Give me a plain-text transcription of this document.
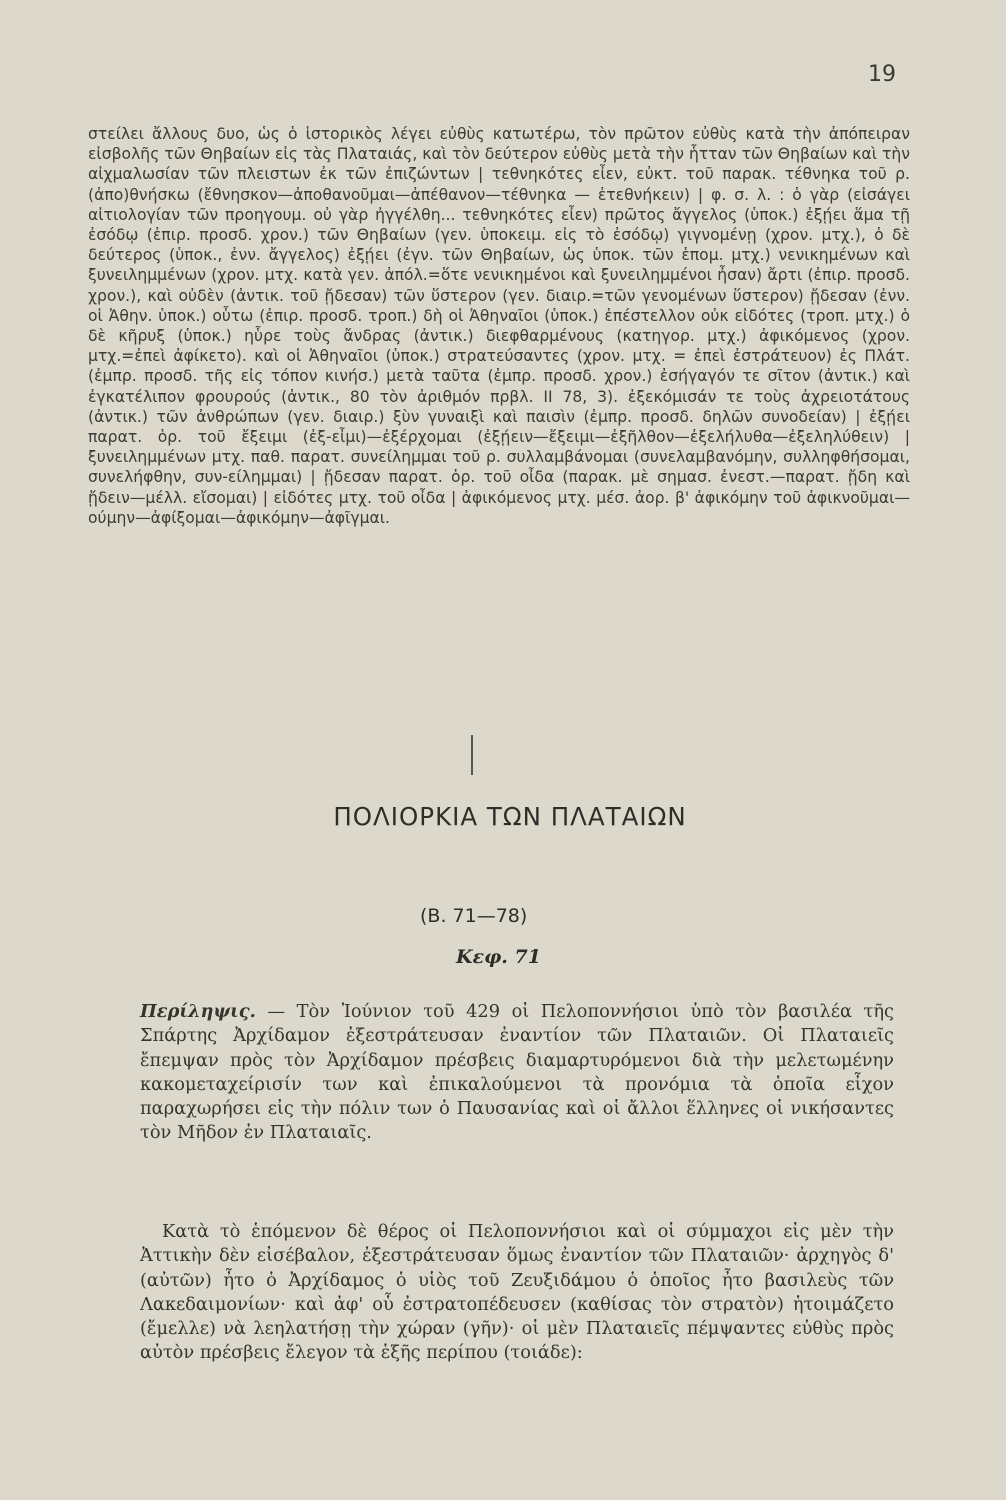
19

στείλει ἄλλους δυο, ὡς ὁ ἱστορικὸς λέγει εὐθὺς κατωτέρω, τὸν πρῶτον εὐθὺς κατὰ τὴν ἀπόπειραν εἰσβολῆς τῶν Θηβαίων εἰς τὰς Πλαταιάς, καὶ τὸν δεύτερον εὐθὺς μετὰ τὴν ἧτταν τῶν Θηβαίων καὶ τὴν αἰχμαλωσίαν τῶν πλειστων ἐκ τῶν ἐπιζώντων | τεθνηκότες εἶεν, εὐκτ. τοῦ παρακ. τέθνηκα τοῦ ρ. (ἀπο)θνήσκω (ἔθνησκον—ἀποθανοῦμαι—ἀπέθανον—τέθνηκα — ἐτεθνήκειν) | φ. σ. λ. : ὁ γὰρ (εἰσάγει αἰτιολογίαν τῶν προηγουμ. οὐ γὰρ ἠγγέλθη... τεθνηκότες εἶεν) πρῶτος ἄγγελος (ὑποκ.) ἐξῄει ἅμα τῇ ἐσόδῳ (ἐπιρ. προσδ. χρον.) τῶν Θηβαίων (γεν. ὑποκειμ. εἰς τὸ ἐσόδῳ) γιγνομένῃ (χρον. μτχ.), ὁ δὲ δεύτερος (ὑποκ., ἐνν. ἄγγελος) ἐξῄει (ἐγν. τῶν Θηβαίων, ὡς ὑποκ. τῶν ἑπομ. μτχ.) νενικημένων καὶ ξυνειλημμένων (χρον. μτχ. κατὰ γεν. ἀπόλ.=ὅτε νενικημένοι καὶ ξυνειλημμένοι ἦσαν) ἄρτι (ἐπιρ. προσδ. χρον.), καὶ οὐδὲν (ἀντικ. τοῦ ᾔδεσαν) τῶν ὕστερον (γεν. διαιρ.=τῶν γενομένων ὕστερον) ᾔδεσαν (ἐνν. οἱ Ἀθην. ὑποκ.) οὗτω (ἐπιρ. προσδ. τροπ.) δὴ οἱ Ἀθηναῖοι (ὑποκ.) ἐπέστελλον οὐκ εἰδότες (τροπ. μτχ.) ὁ δὲ κῆρυξ (ὑποκ.) ηὗρε τοὺς ἄνδρας (ἀντικ.) διεφθαρμένους (κατηγορ. μτχ.) ἀφικόμενος (χρον. μτχ.=ἐπεὶ ἀφίκετο). καὶ οἱ Ἀθηναῖοι (ὑποκ.) στρατεύσαντες (χρον. μτχ. = ἐπεὶ ἐστράτευον) ἐς Πλάτ. (ἐμπρ. προσδ. τῆς εἰς τόπον κινήσ.) μετὰ ταῦτα (ἐμπρ. προσδ. χρον.) ἐσήγαγόν τε σῖτον (ἀντικ.) καὶ ἐγκατέλιπον φρουρούς (ἀντικ., 80 τὸν ἀριθμόν πρβλ. II 78, 3). ἐξεκόμισάν τε τοὺς ἀχρειοτάτους (ἀντικ.) τῶν ἀνθρώπων (γεν. διαιρ.) ξὺν γυναιξὶ καὶ παισὶν (ἐμπρ. προσδ. δηλῶν συνοδείαν) | ἐξῄει παρατ. ὁρ. τοῦ ἔξειμι (ἐξ-εἶμι)—ἐξέρχομαι (ἐξῄειν—ἔξειμι—ἐξῆλθον—ἐξελήλυθα—ἐξεληλύθειν) | ξυνειλημμένων μτχ. παθ. παρατ. συνείλημμαι τοῦ ρ. συλλαμβάνομαι (συνελαμβανόμην, συλληφθήσομαι, συνελήφθην, συν-είλημμαι) | ᾔδεσαν παρατ. ὁρ. τοῦ οἶδα (παρακ. μὲ σημασ. ἐνεστ.—παρατ. ᾔδη καὶ ᾔδειν—μέλλ. εἴσομαι) | εἰδότες μτχ. τοῦ οἶδα | ἀφικόμενος μτχ. μέσ. ἀορ. β' ἀφικόμην τοῦ ἀφικνοῦμαι—ούμην—ἀφίξομαι—ἀφικόμην—ἀφῖγμαι.

ΠΟΛΙΟΡΚΙΑ ΤΩΝ ΠΛΑΤΑΙΩΝ
(Β. 71—78)
Κεφ. 71

Περίληψις. — Τὸν Ἰούνιον τοῦ 429 οἱ Πελοποννήσιοι ὑπὸ τὸν βασιλέα τῆς Σπάρτης Ἀρχίδαμον ἐξεστράτευσαν ἐναντίον τῶν Πλαταιῶν. Οἱ Πλαταιεῖς ἔπεμψαν πρὸς τὸν Ἀρχίδαμον πρέσβεις διαμαρτυρόμενοι διὰ τὴν μελετωμένην κακομεταχείρισίν των καὶ ἐπικαλούμενοι τὰ προνόμια τὰ ὁποῖα εἶχον παραχωρήσει εἰς τὴν πόλιν των ὁ Παυσανίας καὶ οἱ ἄλλοι ἕλληνες οἱ νικήσαντες τὸν Μῆδον ἐν Πλαταιαῖς.

Κατὰ τὸ ἑπόμενον δὲ θέρος οἱ Πελοποννήσιοι καὶ οἱ σύμμαχοι εἰς μὲν τὴν Ἀττικὴν δὲν εἰσέβαλον, ἐξεστράτευσαν ὅμως ἐναντίον τῶν Πλαταιῶν· ἀρχηγὸς δ' (αὐτῶν) ἦτο ὁ Ἀρχίδαμος ὁ υἱὸς τοῦ Ζευξιδάμου ὁ ὁποῖος ἦτο βασιλεὺς τῶν Λακεδαιμονίων· καὶ ἀφ' οὗ ἐστρατοπέδευσεν (καθίσας τὸν στρατὸν) ἡτοιμάζετο (ἔμελλε) νὰ λεηλατήσῃ τὴν χώραν (γῆν)· οἱ μὲν Πλαταιεῖς πέμψαντες εὐθὺς πρὸς αὐτὸν πρέσβεις ἔλεγον τὰ ἑξῆς περίπου (τοιάδε):
